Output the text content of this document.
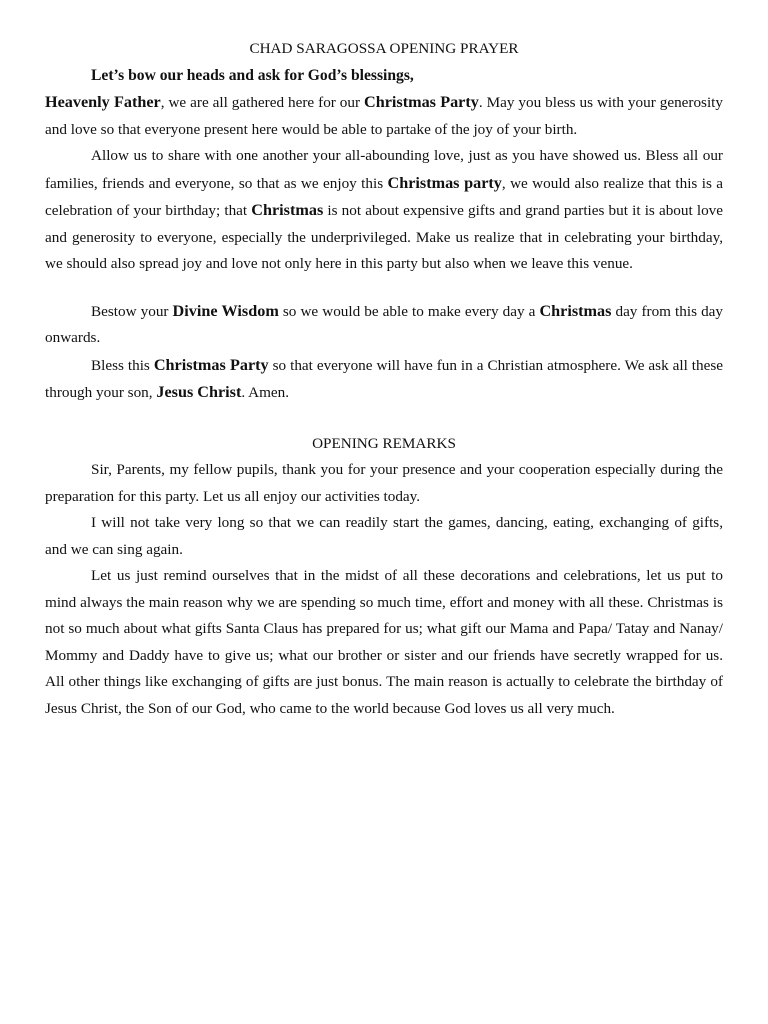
CHAD SARAGOSSA OPENING PRAYER

Let’s bow our heads and ask for God’s blessings,

Heavenly Father, we are all gathered here for our Christmas Party. May you bless us with your generosity and love so that everyone present here would be able to partake of the joy of your birth.

Allow us to share with one another your all-abounding love, just as you have showed us. Bless all our families, friends and everyone, so that as we enjoy this Christmas party, we would also realize that this is a celebration of your birthday; that Christmas is not about expensive gifts and grand parties but it is about love and generosity to everyone, especially the underprivileged. Make us realize that in celebrating your birthday, we should also spread joy and love not only here in this party but also when we leave this venue.

Bestow your Divine Wisdom so we would be able to make every day a Christmas day from this day onwards.

Bless this Christmas Party so that everyone will have fun in a Christian atmosphere. We ask all these through your son, Jesus Christ. Amen.

OPENING REMARKS

Sir, Parents, my fellow pupils, thank you for your presence and your cooperation especially during the preparation for this party. Let us all enjoy our activities today.

I will not take very long so that we can readily start the games, dancing, eating, exchanging of gifts, and we can sing again.

Let us just remind ourselves that in the midst of all these decorations and celebrations, let us put to mind always the main reason why we are spending so much time, effort and money with all these. Christmas is not so much about what gifts Santa Claus has prepared for us; what gift our Mama and Papa/ Tatay and Nanay/ Mommy and Daddy have to give us; what our brother or sister and our friends have secretly wrapped for us. All other things like exchanging of gifts are just bonus. The main reason is actually to celebrate the birthday of Jesus Christ, the Son of our God, who came to the world because God loves us all very much.
